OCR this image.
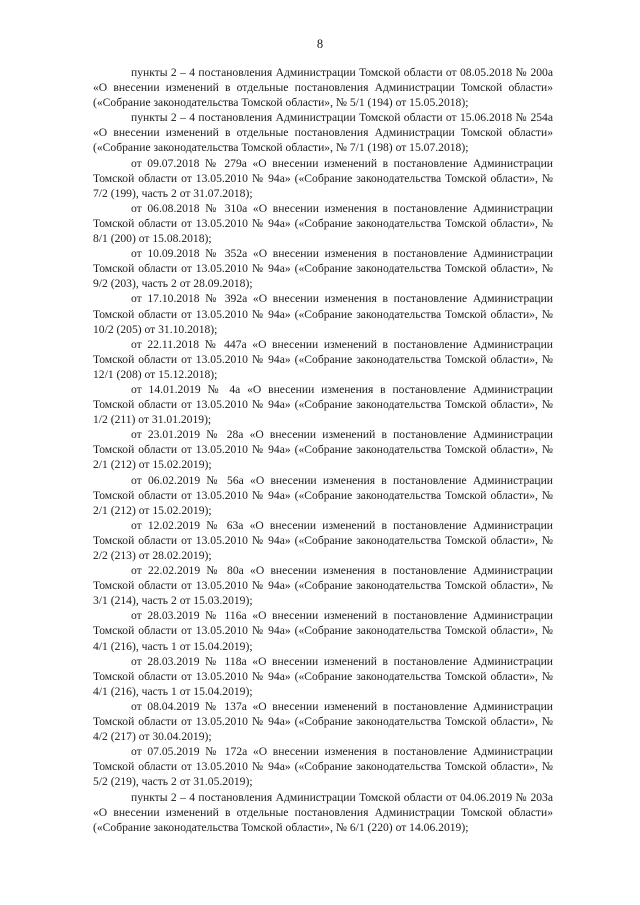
8

пункты 2 – 4 постановления Администрации Томской области от 08.05.2018 № 200а «О внесении изменений в отдельные постановления Администрации Томской области» («Собрание законодательства Томской области», № 5/1 (194) от 15.05.2018);

пункты 2 – 4 постановления Администрации Томской области от 15.06.2018 № 254а «О внесении изменений в отдельные постановления Администрации Томской области» («Собрание законодательства Томской области», № 7/1 (198) от 15.07.2018);

от 09.07.2018 № 279а «О внесении изменений в постановление Администрации Томской области от 13.05.2010 № 94а» («Собрание законодательства Томской области», № 7/2 (199), часть 2 от 31.07.2018);

от 06.08.2018 № 310а «О внесении изменения в постановление Администрации Томской области от 13.05.2010 № 94а» («Собрание законодательства Томской области», № 8/1 (200) от 15.08.2018);

от 10.09.2018 № 352а «О внесении изменения в постановление Администрации Томской области от 13.05.2010 № 94а» («Собрание законодательства Томской области», № 9/2 (203), часть 2 от 28.09.2018);

от 17.10.2018 № 392а «О внесении изменения в постановление Администрации Томской области от 13.05.2010 № 94а» («Собрание законодательства Томской области», № 10/2 (205) от 31.10.2018);

от 22.11.2018 № 447а «О внесении изменений в постановление Администрации Томской области от 13.05.2010 № 94а» («Собрание законодательства Томской области», № 12/1 (208) от 15.12.2018);

от 14.01.2019 № 4а «О внесении изменения в постановление Администрации Томской области от 13.05.2010 № 94а» («Собрание законодательства Томской области», № 1/2 (211) от 31.01.2019);

от 23.01.2019 № 28а «О внесении изменений в постановление Администрации Томской области от 13.05.2010 № 94а» («Собрание законодательства Томской области», № 2/1 (212) от 15.02.2019);

от 06.02.2019 № 56а «О внесении изменения в постановление Администрации Томской области от 13.05.2010 № 94а» («Собрание законодательства Томской области», № 2/1 (212) от 15.02.2019);

от 12.02.2019 № 63а «О внесении изменений в постановление Администрации Томской области от 13.05.2010 № 94а» («Собрание законодательства Томской области», № 2/2 (213) от 28.02.2019);

от 22.02.2019 № 80а «О внесении изменения в постановление Администрации Томской области от 13.05.2010 № 94а» («Собрание законодательства Томской области», № 3/1 (214), часть 2 от 15.03.2019);

от 28.03.2019 № 116а «О внесении изменений в постановление Администрации Томской области от 13.05.2010 № 94а» («Собрание законодательства Томской области», № 4/1 (216), часть 1 от 15.04.2019);

от 28.03.2019 № 118а «О внесении изменений в постановление Администрации Томской области от 13.05.2010 № 94а» («Собрание законодательства Томской области», № 4/1 (216), часть 1 от 15.04.2019);

от 08.04.2019 № 137а «О внесении изменений в постановление Администрации Томской области от 13.05.2010 № 94а» («Собрание законодательства Томской области», № 4/2 (217) от 30.04.2019);

от 07.05.2019 № 172а «О внесении изменения в постановление Администрации Томской области от 13.05.2010 № 94а» («Собрание законодательства Томской области», № 5/2 (219), часть 2 от 31.05.2019);

пункты 2 – 4 постановления Администрации Томской области от 04.06.2019 № 203а «О внесении изменений в отдельные постановления Администрации Томской области» («Собрание законодательства Томской области», № 6/1 (220) от 14.06.2019);
